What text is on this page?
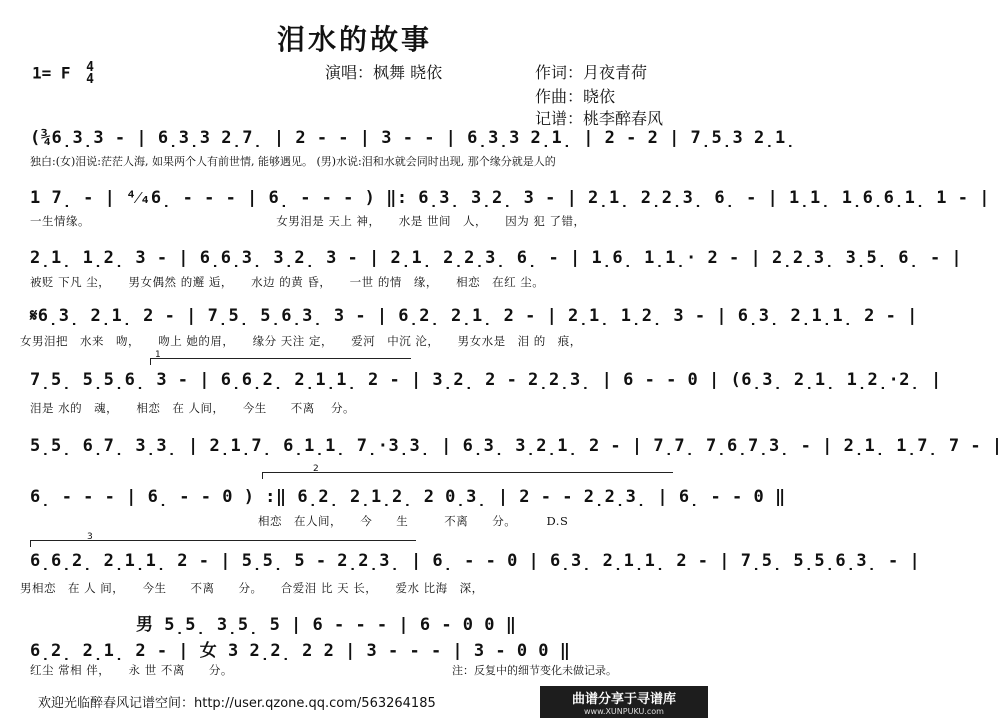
泪水的故事
1= F 4
4	演唱：枫舞 晓依	作词：月夜青荷
作曲：晓依
记谱：桃李醉春风
(¾6̣3̣3 - | 6̣3̣3 2̣7̣ | 2 - - | 3 - - | 6̣3̣3 2̣1̣ | 2 - 2 | 7̣5̣3 2̣1̣
独白:(女)泪说:茫茫人海, 如果两个人有前世情, 能够遇见。 (男)水说:泪和水就会同时出现, 那个缘分就是人的
1 7̣ - | ⁴⁄₄6̣ - - - | 6̣ - - - ) ‖: 6̣3̣ 3̣2̣ 3 - | 2̣1̣ 2̣2̣3̣ 6̣ - | 1̣1̣ 1̣6̣6̣1̣ 1 - |
一生情缘。　　　　　　　　　　　　　　　　女男泪是 天上 神，　　水是 世间　人，　　因为 犯 了错，
2̣1̣ 1̣2̣ 3 - | 6̣6̣3̣ 3̣2̣ 3 - | 2̣1̣ 2̣2̣3̣ 6̣ - | 1̣6̣ 1̣1̣· 2 - | 2̣2̣3̣ 3̣5̣ 6̣ - |
被贬 下凡 尘，　　男女偶然 的邂 逅，　　水边 的黄 昏，　　一世 的情　缘，　　相恋　在红 尘。
𝄋6̣3̣ 2̣1̣ 2 - | 7̣5̣ 5̣6̣3̣ 3 - | 6̣2̣ 2̣1̣ 2 - | 2̣1̣ 1̣2̣ 3 - | 6̣3̣ 2̣1̣1̣ 2 - |
女男泪把　水来　吻，　　吻上 她的眉，　　缘分 天注 定，　　爱河　中沉 沦，　　男女水是　泪 的　痕，
1
7̣5̣ 5̣5̣6̣ 3 - | 6̣6̣2̣ 2̣1̣1̣ 2 - | 3̣2̣ 2 - 2̣2̣3̣ | 6 - - 0 | (6̣3̣ 2̣1̣ 1̣2̣·2̣ |
泪是 水的　魂，　　相恋　在 人间，　　今生　　不离　 分。
5̣5̣ 6̣7̣ 3̣3̣ | 2̣1̣7̣ 6̣1̣1̣ 7̣·3̣3̣ | 6̣3̣ 3̣2̣1̣ 2 - | 7̣7̣ 7̣6̣7̣3̣ - | 2̣1̣ 1̣7̣ 7 - |
2
6̣ - - - | 6̣ - - 0 ) :‖ 6̣2̣ 2̣1̣2̣ 2 0̣3̣ | 2 - - 2̣2̣3̣ | 6̣ - - 0 ‖
　　　　　　　　　　　　　　　　　　　相恋　在人间，　　今　　生　　　不离　　分。　　　D.S
3
6̣6̣2̣ 2̣1̣1̣ 2 - | 5̣5̣ 5 - 2̣2̣3̣ | 6̣ - - 0 | 6̣3̣ 2̣1̣1̣ 2 - | 7̣5̣ 5̣5̣6̣3̣ - |
男相恋　在 人 间，　　今生　　不离　　分。　　合爱泪 比 天 长，　　爱水 比海　深，
男 5̣5̣ 3̣5̣ 5 | 6 - - - | 6 - 0 0 ‖
6̣2̣ 2̣1̣ 2 - | 女 3 2̣2̣ 2 2 | 3 - - - | 3 - 0 0 ‖
红尘 常相 伴，　　永 世 不离　　分。	注：反复中的细节变化未做记录。
欢迎光临醉春风记谱空间：http://user.qzone.qq.com/563264185	曲谱分享于寻谱库
www.XUNPUKU.com
